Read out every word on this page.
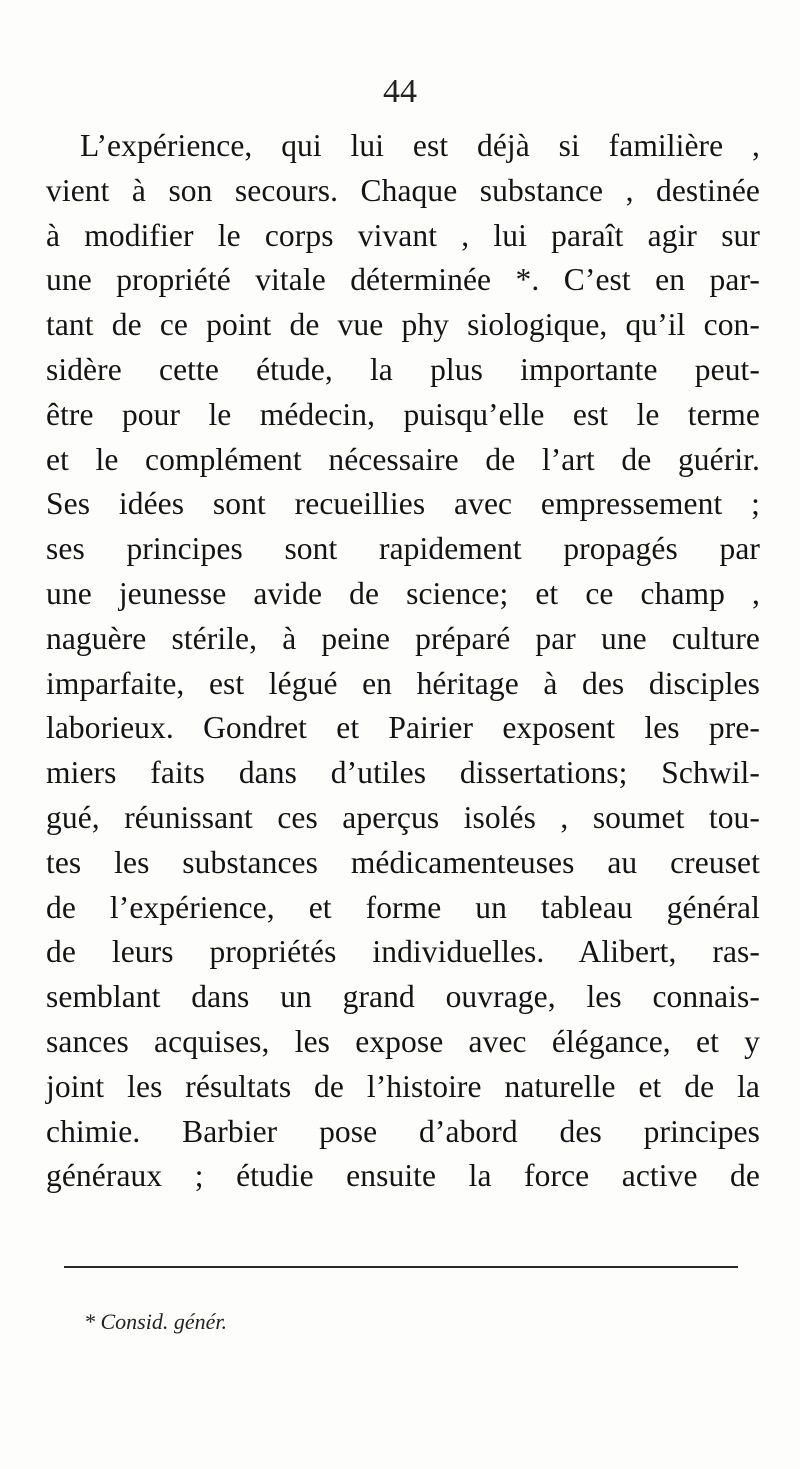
44
L’expérience, qui lui est déjà si familière ,
vient à son secours. Chaque substance , destinée
à modifier le corps vivant , lui paraît agir sur
une propriété vitale déterminée *. C’est en par-
tant de ce point de vue phy siologique, qu’il con-
sidère cette étude, la plus importante peut-
être pour le médecin, puisqu’elle est le terme
et le complément nécessaire de l’art de guérir.
Ses idées sont recueillies avec empressement ;
ses principes sont rapidement propagés par
une jeunesse avide de science; et ce champ ,
naguère stérile, à peine préparé par une culture
imparfaite, est légué en héritage à des disciples
laborieux. Gondret et Pairier exposent les pre-
miers faits dans d’utiles dissertations; Schwil-
gué, réunissant ces aperçus isolés , soumet tou-
tes les substances médicamenteuses au creuset
de l’expérience, et forme un tableau général
de leurs propriétés individuelles. Alibert, ras-
semblant dans un grand ouvrage, les connais-
sances acquises, les expose avec élégance, et y
joint les résultats de l’histoire naturelle et de la
chimie. Barbier pose d’abord des principes
généraux ; étudie ensuite la force active de
* Consid. génér.
